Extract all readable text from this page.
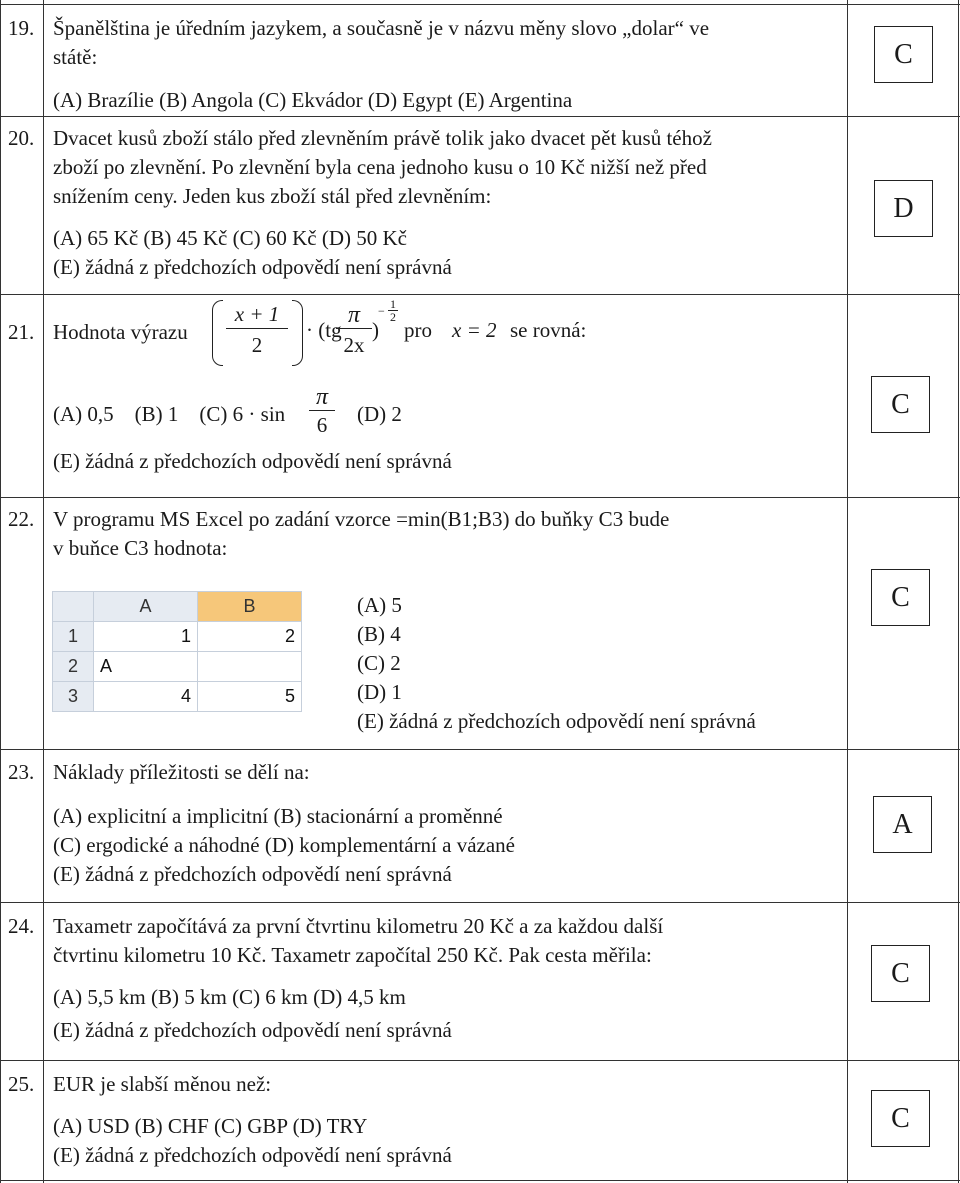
19. Španělština je úředním jazykem, a současně je v názvu měny slovo „dolar“ ve
státě:
(A) Brazílie (B) Angola (C) Ekvádor (D) Egypt (E) Argentina
C
20. Dvacet kusů zboží stálo před zlevněním právě tolik jako dvacet pět kusů téhož
zboží po zlevnění. Po zlevnění byla cena jednoho kusu o 10 Kč nižší než před
snížením ceny. Jeden kus zboží stál před zlevněním:
(A) 65 Kč (B) 45 Kč (C) 60 Kč (D) 50 Kč
(E) žádná z předchozích odpovědí není správná
D
21. Hodnota výrazu $\frac{x + 1}{2} \cdot (tg$
$\frac{\pi}{2x}$ )
− $\frac{1}{2}$
pro x = 2 se rovná:
(A) 0,5 (B) 1 (C) $6 \cdot \sin \frac{\pi}{6} (D)$ 2
(E) žádná z předchozích odpovědí není správná
C
22. V programu MS Excel po zadání vzorce =min(B1;B3) do buňky C3 bude
v buňce C3 hodnota:
	A	B
1	1	2
2	A	
3	4	5
(A) 5
(B) 4
(C) 2
(D) 1
(E) žádná z předchozích odpovědí není správná
C
23. Náklady příležitosti se dělí na:
(A) explicitní a implicitní (B) stacionární a proměnné
(C) ergodické a náhodné (D) komplementární a vázané
(E) žádná z předchozích odpovědí není správná
A
24. Taxametr započítává za první čtvrtinu kilometru 20 Kč a za každou další
čtvrtinu kilometru 10 Kč. Taxametr započítal 250 Kč. Pak cesta měřila:
(A) 5,5 km (B) 5 km (C) 6 km (D) 4,5 km
(E) žádná z předchozích odpovědí není správná
C
25. EUR je slabší měnou než:
(A) USD (B) CHF (C) GBP (D) TRY
(E) žádná z předchozích odpovědí není správná
C
